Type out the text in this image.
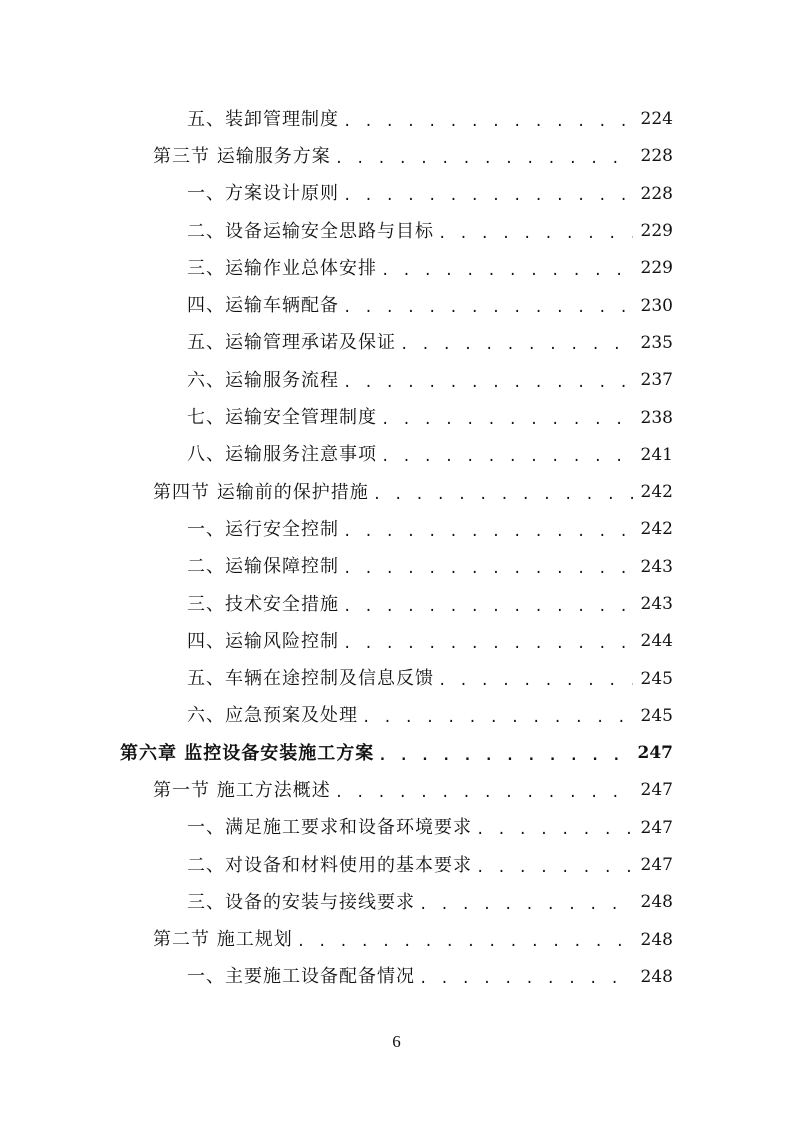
五、装卸管理制度 . . .	224
第三节 运输服务方案 . . .	228
一、方案设计原则 . . .	228
二、设备运输安全思路与目标 . . .	229
三、运输作业总体安排 . . .	229
四、运输车辆配备 . . .	230
五、运输管理承诺及保证 . . .	235
六、运输服务流程 . . .	237
七、运输安全管理制度 . . .	238
八、运输服务注意事项 . . .	241
第四节 运输前的保护措施 . . .	242
一、运行安全控制 . . .	242
二、运输保障控制 . . .	243
三、技术安全措施 . . .	243
四、运输风险控制 . . .	244
五、车辆在途控制及信息反馈 . . .	245
六、应急预案及处理 . . .	245
第六章 监控设备安装施工方案 . . .	247
第一节 施工方法概述 . . .	247
一、满足施工要求和设备环境要求 . . .	247
二、对设备和材料使用的基本要求 . . .	247
三、设备的安装与接线要求 . . .	248
第二节 施工规划 . . .	248
一、主要施工设备配备情况 . . .	248
6
